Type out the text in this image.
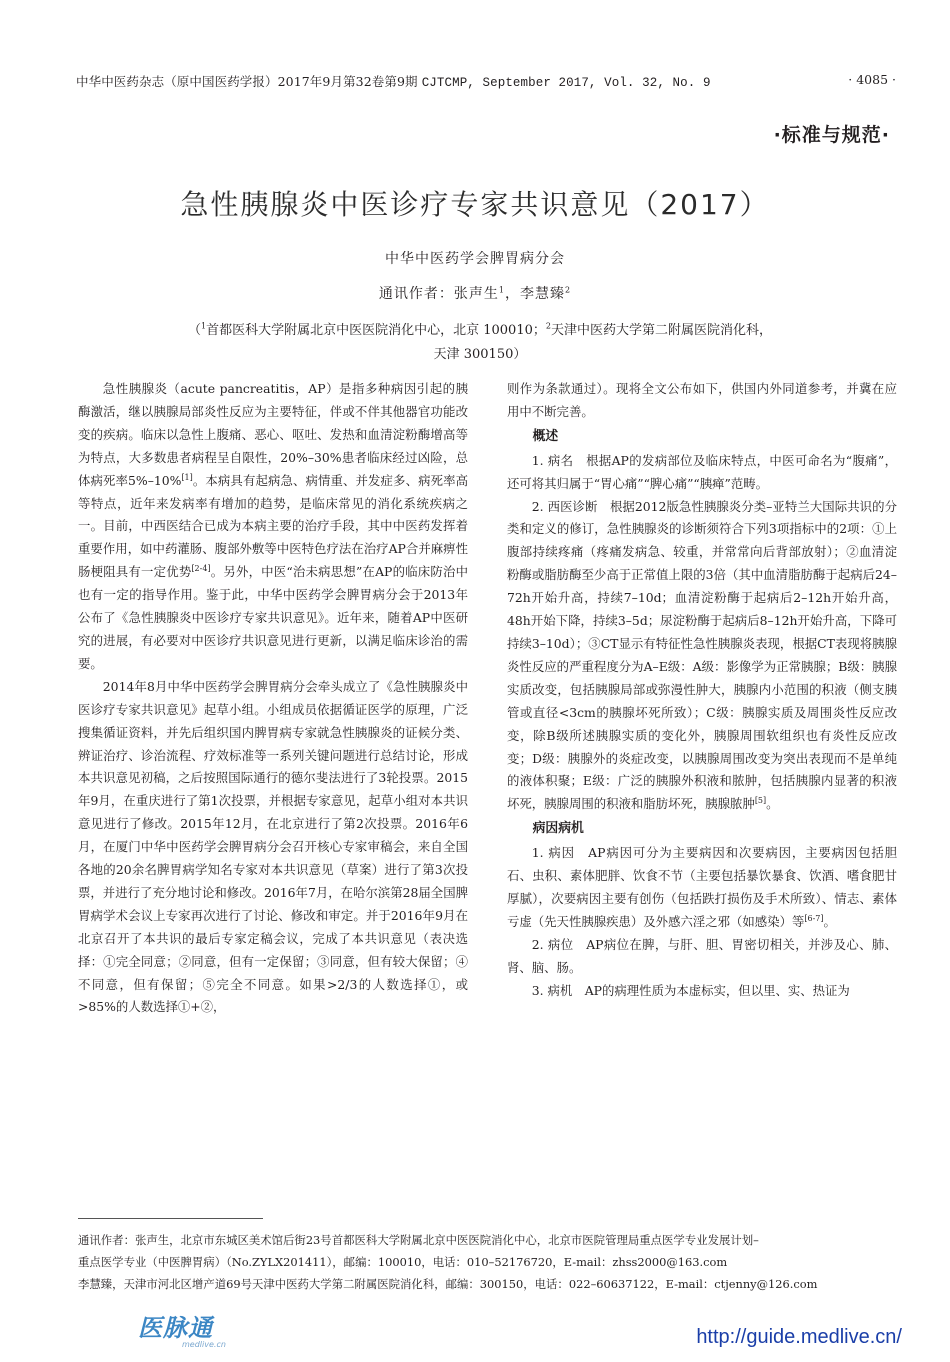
中华中医药杂志（原中国医药学报）2017年9月第32卷第9期 CJTCMP, September 2017, Vol. 32, No. 9	· 4085 ·
·标准与规范·
急性胰腺炎中医诊疗专家共识意见（2017）
中华中医药学会脾胃病分会
通讯作者：张声生$^1$，李慧臻$^2$
（$^1$首都医科大学附属北京中医医院消化中心，北京 100010；$^2$天津中医药大学第二附属医院消化科，
天津 300150）

急性胰腺炎（acute pancreatitis，AP）是指多种病因引起的胰酶激活，继以胰腺局部炎性反应为主要特征，伴或不伴其他器官功能改变的疾病。临床以急性上腹痛、恶心、呕吐、发热和血清淀粉酶增高等为特点，大多数患者病程呈自限性，20%–30%患者临床经过凶险，总体病死率5%–10%[1]。本病具有起病急、病情重、并发症多、病死率高等特点，近年来发病率有增加的趋势，是临床常见的消化系统疾病之一。目前，中西医结合已成为本病主要的治疗手段，其中中医药发挥着重要作用，如中药灌肠、腹部外敷等中医特色疗法在治疗AP合并麻痹性肠梗阻具有一定优势[2-4]。另外，中医“治未病思想”在AP的临床防治中也有一定的指导作用。鉴于此，中华中医药学会脾胃病分会于2013年公布了《急性胰腺炎中医诊疗专家共识意见》。近年来，随着AP中医研究的进展，有必要对中医诊疗共识意见进行更新，以满足临床诊治的需要。

2014年8月中华中医药学会脾胃病分会牵头成立了《急性胰腺炎中医诊疗专家共识意见》起草小组。小组成员依据循证医学的原理，广泛搜集循证资料，并先后组织国内脾胃病专家就急性胰腺炎的证候分类、辨证治疗、诊治流程、疗效标准等一系列关键问题进行总结讨论，形成本共识意见初稿，之后按照国际通行的德尔斐法进行了3轮投票。2015年9月，在重庆进行了第1次投票，并根据专家意见，起草小组对本共识意见进行了修改。2015年12月，在北京进行了第2次投票。2016年6月，在厦门中华中医药学会脾胃病分会召开核心专家审稿会，来自全国各地的20余名脾胃病学知名专家对本共识意见（草案）进行了第3次投票，并进行了充分地讨论和修改。2016年7月，在哈尔滨第28届全国脾胃病学术会议上专家再次进行了讨论、修改和审定。并于2016年9月在北京召开了本共识的最后专家定稿会议，完成了本共识意见（表决选择：①完全同意；②同意，但有一定保留；③同意，但有较大保留；④不同意，但有保留；⑤完全不同意。如果>2/3的人数选择①，或>85%的人数选择①+②，

则作为条款通过）。现将全文公布如下，供国内外同道参考，并冀在应用中不断完善。

概述

1. 病名　根据AP的发病部位及临床特点，中医可命名为“腹痛”，还可将其归属于“胃心痛”“脾心痛”“胰瘅”范畴。

2. 西医诊断　根据2012版急性胰腺炎分类–亚特兰大国际共识的分类和定义的修订，急性胰腺炎的诊断须符合下列3项指标中的2项：①上腹部持续疼痛（疼痛发病急、较重，并常常向后背部放射）；②血清淀粉酶或脂肪酶至少高于正常值上限的3倍（其中血清脂肪酶于起病后24–72h开始升高，持续7–10d；血清淀粉酶于起病后2–12h开始升高，48h开始下降，持续3–5d；尿淀粉酶于起病后8–12h开始升高，下降可持续3–10d）；③CT显示有特征性急性胰腺炎表现，根据CT表现将胰腺炎性反应的严重程度分为A–E级：A级：影像学为正常胰腺；B级：胰腺实质改变，包括胰腺局部或弥漫性肿大，胰腺内小范围的积液（侧支胰管或直径<3cm的胰腺坏死所致）；C级：胰腺实质及周围炎性反应改变，除B级所述胰腺实质的变化外，胰腺周围软组织也有炎性反应改变；D级：胰腺外的炎症改变，以胰腺周围改变为突出表现而不是单纯的液体积聚；E级：广泛的胰腺外积液和脓肿，包括胰腺内显著的积液坏死，胰腺周围的积液和脂肪坏死，胰腺脓肿[5]。

病因病机

1. 病因　AP病因可分为主要病因和次要病因，主要病因包括胆石、虫积、素体肥胖、饮食不节（主要包括暴饮暴食、饮酒、嗜食肥甘厚腻），次要病因主要有创伤（包括跌打损伤及手术所致）、情志、素体亏虚（先天性胰腺疾患）及外感六淫之邪（如感染）等[6-7]。

2. 病位　AP病位在脾，与肝、胆、胃密切相关，并涉及心、肺、肾、脑、肠。

3. 病机　AP的病理性质为本虚标实，但以里、实、热证为

通讯作者：张声生，北京市东城区美术馆后街23号首都医科大学附属北京中医医院消化中心，北京市医院管理局重点医学专业发展计划–

重点医学专业（中医脾胃病）（No.ZYLX201411），邮编：100010，电话：010–52176720，E-mail：zhss2000@163.com

李慧臻，天津市河北区增产道69号天津中医药大学第二附属医院消化科，邮编：300150，电话：022–60637122，E-mail：ctjenny@126.com

医脉通
medlive.cn	http://guide.medlive.cn/
